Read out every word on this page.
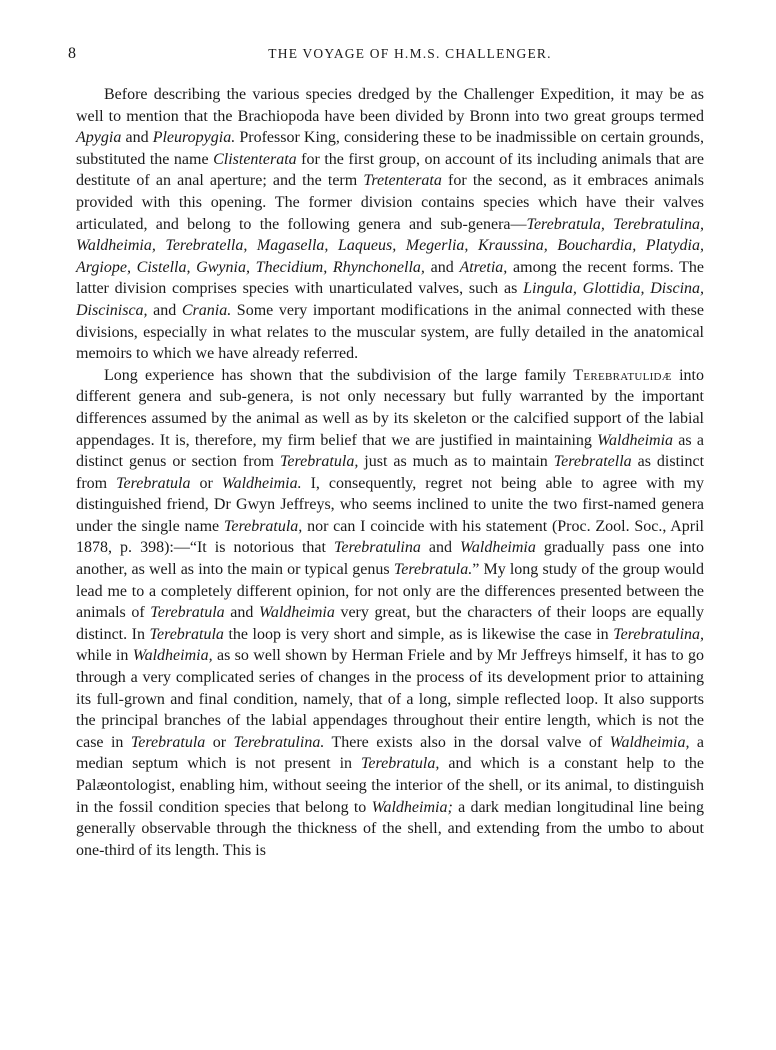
8	THE VOYAGE OF H.M.S. CHALLENGER.

Before describing the various species dredged by the Challenger Expedition, it may be as well to mention that the Brachiopoda have been divided by Bronn into two great groups termed Apygia and Pleuropygia. Professor King, considering these to be inadmissible on certain grounds, substituted the name Clistenterata for the first group, on account of its including animals that are destitute of an anal aperture; and the term Tretenterata for the second, as it embraces animals provided with this opening. The former division contains species which have their valves articulated, and belong to the following genera and sub-genera—Terebratula, Terebratulina, Waldheimia, Terebratella, Magasella, Laqueus, Megerlia, Kraussina, Bouchardia, Platydia, Argiope, Cistella, Gwynia, Thecidium, Rhynchonella, and Atretia, among the recent forms. The latter division comprises species with unarticulated valves, such as Lingula, Glottidia, Discina, Discinisca, and Crania. Some very important modifications in the animal connected with these divisions, especially in what relates to the muscular system, are fully detailed in the anatomical memoirs to which we have already referred.

Long experience has shown that the subdivision of the large family Terebratulidæ into different genera and sub-genera, is not only necessary but fully warranted by the important differences assumed by the animal as well as by its skeleton or the calcified support of the labial appendages. It is, therefore, my firm belief that we are justified in maintaining Waldheimia as a distinct genus or section from Terebratula, just as much as to maintain Terebratella as distinct from Terebratula or Waldheimia. I, consequently, regret not being able to agree with my distinguished friend, Dr Gwyn Jeffreys, who seems inclined to unite the two first-named genera under the single name Terebratula, nor can I coincide with his statement (Proc. Zool. Soc., April 1878, p. 398):—“It is notorious that Terebratulina and Waldheimia gradually pass one into another, as well as into the main or typical genus Terebratula.” My long study of the group would lead me to a completely different opinion, for not only are the differences presented between the animals of Terebratula and Waldheimia very great, but the characters of their loops are equally distinct. In Terebratula the loop is very short and simple, as is likewise the case in Terebratulina, while in Waldheimia, as so well shown by Herman Friele and by Mr Jeffreys himself, it has to go through a very complicated series of changes in the process of its development prior to attaining its full-grown and final condition, namely, that of a long, simple reflected loop. It also supports the principal branches of the labial appendages throughout their entire length, which is not the case in Terebratula or Terebratulina. There exists also in the dorsal valve of Waldheimia, a median septum which is not present in Terebratula, and which is a constant help to the Palæontologist, enabling him, without seeing the interior of the shell, or its animal, to distinguish in the fossil condition species that belong to Waldheimia; a dark median longitudinal line being generally observable through the thickness of the shell, and extending from the umbo to about one-third of its length. This is
